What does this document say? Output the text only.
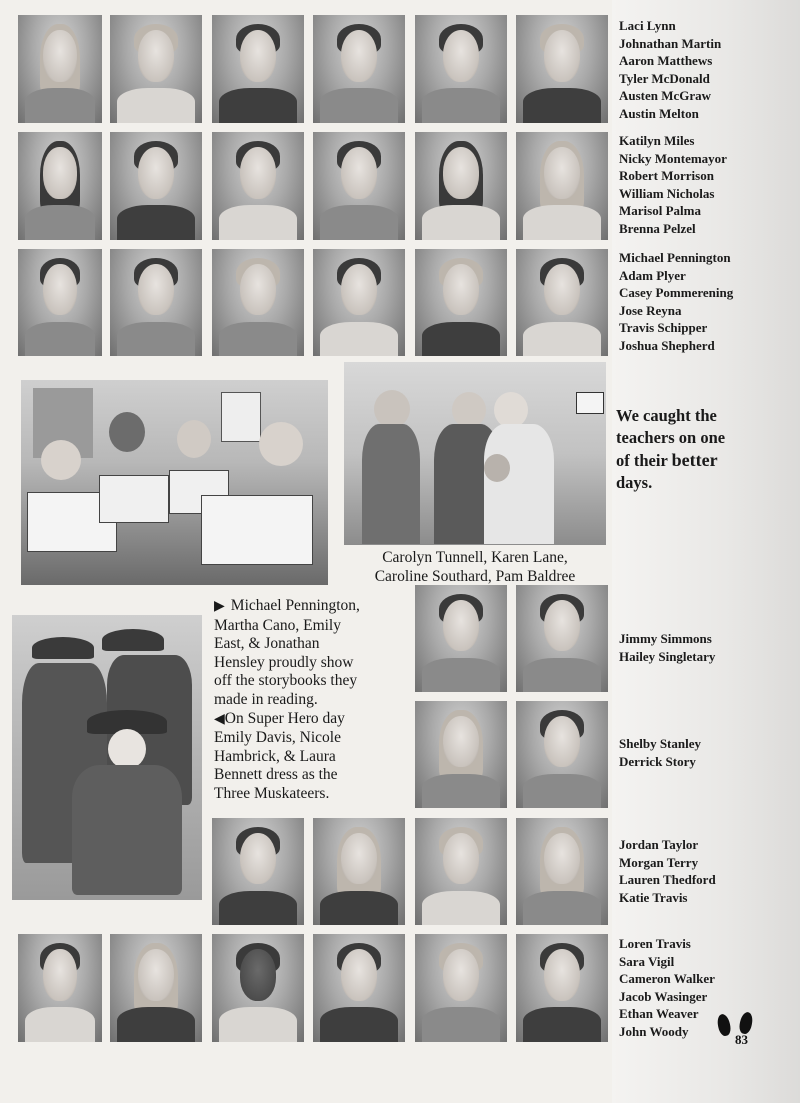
Laci Lynn
Johnathan Martin
Aaron Matthews
Tyler McDonald
Austen McGraw
Austin Melton
Katilyn Miles
Nicky Montemayor
Robert Morrison
William Nicholas
Marisol Palma
Brenna Pelzel
Michael Pennington
Adam Plyer
Casey Pommerening
Jose Reyna
Travis Schipper
Joshua Shepherd
Carolyn Tunnell, Karen Lane,
Caroline Southard, Pam Baldree
We caught the
teachers on one
of their better
days.
▶ Michael Pennington,
Martha Cano, Emily
East, & Jonathan
Hensley proudly show
off the storybooks they
made in reading.
◀On Super Hero day
Emily Davis, Nicole
Hambrick, & Laura
Bennett dress as the
Three Muskateers.
Jimmy Simmons
Hailey Singletary
Shelby Stanley
Derrick Story
Jordan Taylor
Morgan Terry
Lauren Thedford
Katie Travis
Loren Travis
Sara Vigil
Cameron Walker
Jacob Wasinger
Ethan Weaver
John Woody
83
